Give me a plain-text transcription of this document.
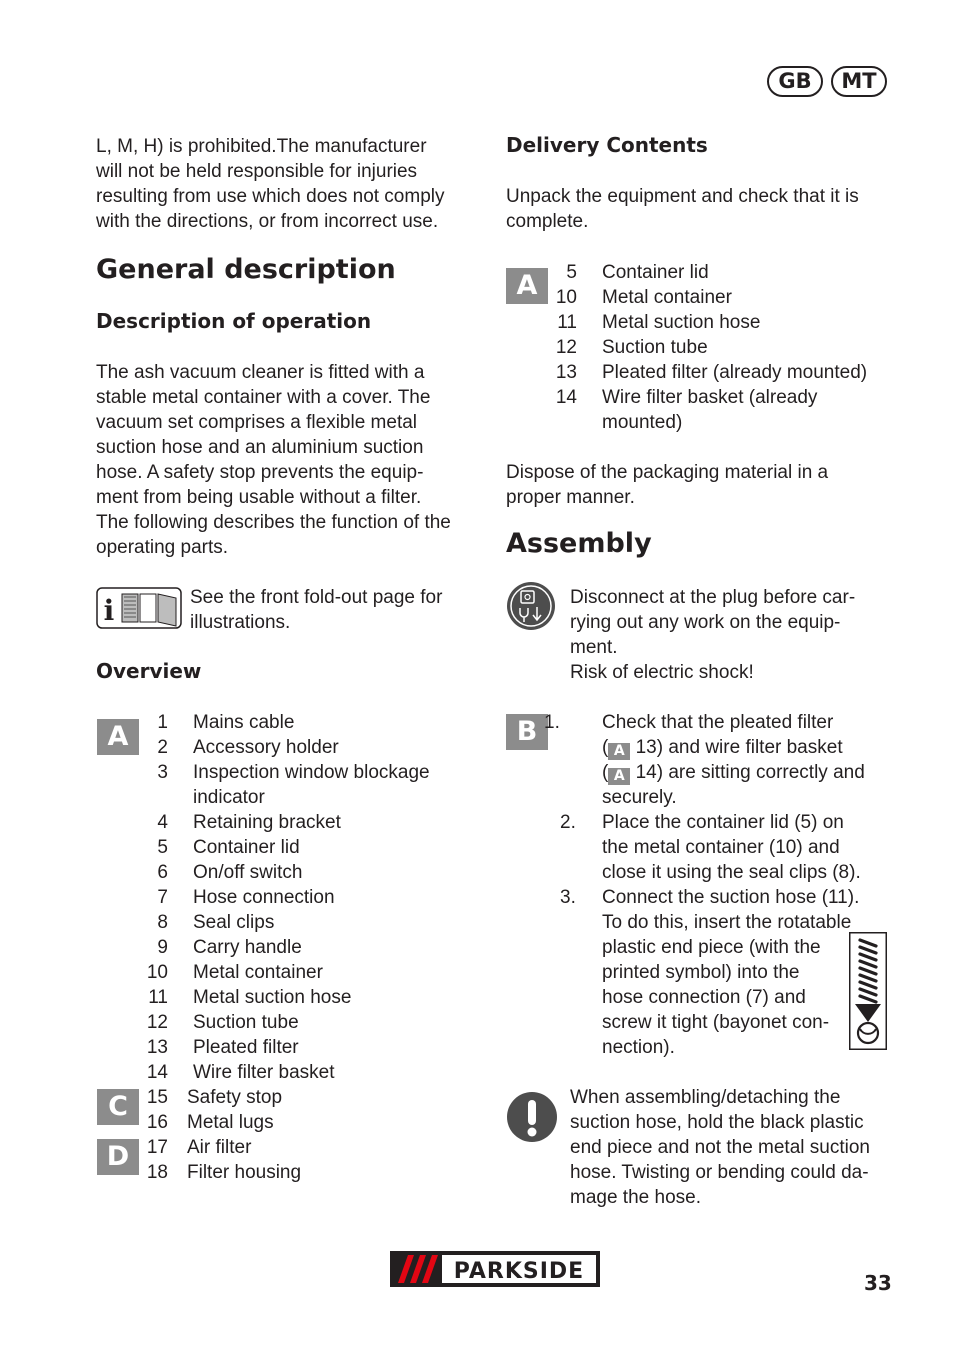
GB	MT
L, M, H) is prohibited.The manufacturer
will not be held responsible for injuries
resulting from use which does not comply
with the directions, or from incorrect use.
General description
Description of operation
The ash vacuum cleaner is fitted with a
stable metal container with a cover. The
vacuum set comprises a flexible metal
suction hose and an aluminium suction
hose. A safety stop prevents the equip-
ment from being usable without a filter.
The following describes the function of the
operating parts.
i	See the front fold-out page for
illustrations.
Overview
A	1 Mains cable
2 Accessory holder
3 Inspection window blockage
indicator
4 Retaining bracket
5 Container lid
6 On/off switch
7 Hose connection
8 Seal clips
9 Carry handle
10 Metal container
11 Metal suction hose
12 Suction tube
13 Pleated filter
14 Wire filter basket
C 15 Safety stop
16 Metal lugs
D 17 Air filter
18 Filter housing
Delivery Contents
Unpack the equipment and check that it is
complete.
A	5 Container lid
10 Metal container
11 Metal suction hose
12 Suction tube
13 Pleated filter (already mounted)
14 Wire filter basket (already
mounted)
Dispose of the packaging material in a
proper manner.
Assembly
Disconnect at the plug before car-
rying out any work on the equip-
ment.
Risk of electric shock!
B 1.	Check that the pleated filter
( A 13) and wire filter basket
( A 14) are sitting correctly and
securely.
2.	Place the container lid (5) on
the metal container (10) and
close it using the seal clips (8).
3.	Connect the suction hose (11).
To do this, insert the rotatable
plastic end piece (with the
printed symbol) into the
hose connection (7) and
screw it tight (bayonet con-
nection).
When assembling/detaching the
suction hose, hold the black plastic
end piece and not the metal suction
hose. Twisting or bending could da-
mage the hose.
PARKSIDE	33
